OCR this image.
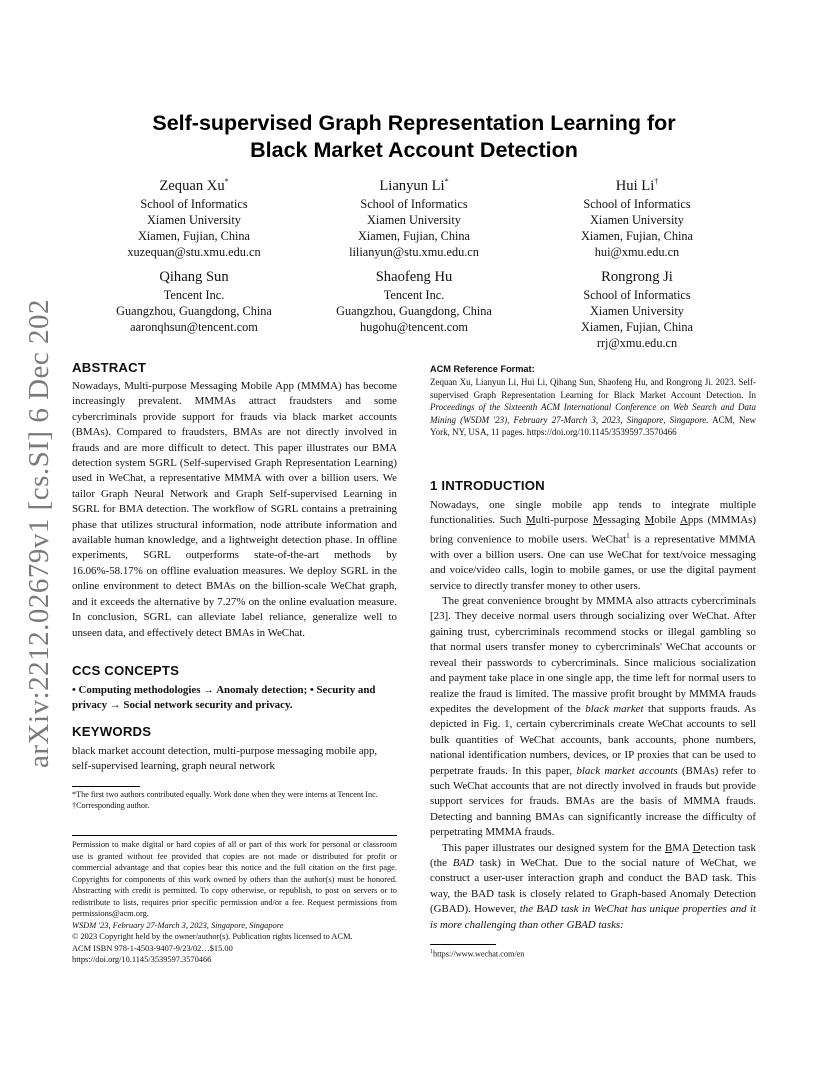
arXiv:2212.02679v1 [cs.SI] 6 Dec 2022
Self-supervised Graph Representation Learning for
Black Market Account Detection
Zequan Xu*
School of Informatics
Xiamen University
Xiamen, Fujian, China
xuzequan@stu.xmu.edu.cn
Lianyun Li*
School of Informatics
Xiamen University
Xiamen, Fujian, China
lilianyun@stu.xmu.edu.cn
Hui Li†
School of Informatics
Xiamen University
Xiamen, Fujian, China
hui@xmu.edu.cn
Qihang Sun
Tencent Inc.
Guangzhou, Guangdong, China
aaronqhsun@tencent.com
Shaofeng Hu
Tencent Inc.
Guangzhou, Guangdong, China
hugohu@tencent.com
Rongrong Ji
School of Informatics
Xiamen University
Xiamen, Fujian, China
rrj@xmu.edu.cn
ABSTRACT

Nowadays, Multi-purpose Messaging Mobile App (MMMA) has become increasingly prevalent. MMMAs attract fraudsters and some cybercriminals provide support for frauds via black market accounts (BMAs). Compared to fraudsters, BMAs are not directly involved in frauds and are more difficult to detect. This paper illustrates our BMA detection system SGRL (Self-supervised Graph Representation Learning) used in WeChat, a representative MMMA with over a billion users. We tailor Graph Neural Network and Graph Self-supervised Learning in SGRL for BMA detection. The workflow of SGRL contains a pretraining phase that utilizes structural information, node attribute information and available human knowledge, and a lightweight detection phase. In offline experiments, SGRL outperforms state-of-the-art methods by 16.06%-58.17% on offline evaluation measures. We deploy SGRL in the online environment to detect BMAs on the billion-scale WeChat graph, and it exceeds the alternative by 7.27% on the online evaluation measure. In conclusion, SGRL can alleviate label reliance, generalize well to unseen data, and effectively detect BMAs in WeChat.

CCS CONCEPTS

• Computing methodologies → Anomaly detection; • Security and privacy → Social network security and privacy.

KEYWORDS

black market account detection, multi-purpose messaging mobile app, self-supervised learning, graph neural network

*The first two authors contributed equally. Work done when they were interns at Tencent Inc.

†Corresponding author.

Permission to make digital or hard copies of all or part of this work for personal or classroom use is granted without fee provided that copies are not made or distributed for profit or commercial advantage and that copies bear this notice and the full citation on the first page. Copyrights for components of this work owned by others than the author(s) must be honored. Abstracting with credit is permitted. To copy otherwise, or republish, to post on servers or to redistribute to lists, requires prior specific permission and/or a fee. Request permissions from permissions@acm.org.

WSDM '23, February 27-March 3, 2023, Singapore, Singapore

© 2023 Copyright held by the owner/author(s). Publication rights licensed to ACM.

ACM ISBN 978-1-4503-9407-9/23/02…$15.00

https://doi.org/10.1145/3539597.3570466

ACM Reference Format:

Zequan Xu, Lianyun Li, Hui Li, Qihang Sun, Shaofeng Hu, and Rongrong Ji. 2023. Self-supervised Graph Representation Learning for Black Market Account Detection. In Proceedings of the Sixteenth ACM International Conference on Web Search and Data Mining (WSDM '23), February 27-March 3, 2023, Singapore, Singapore. ACM, New York, NY, USA, 11 pages. https://doi.org/10.1145/3539597.3570466

1 INTRODUCTION

Nowadays, one single mobile app tends to integrate multiple functionalities. Such Multi-purpose Messaging Mobile Apps (MMMAs) bring convenience to mobile users. WeChat$^1$ is a representative MMMA with over a billion users. One can use WeChat for text/voice messaging and voice/video calls, login to mobile games, or use the digital payment service to directly transfer money to other users.

The great convenience brought by MMMA also attracts cybercriminals [23]. They deceive normal users through socializing over WeChat. After gaining trust, cybercriminals recommend stocks or illegal gambling so that normal users transfer money to cybercriminals' WeChat accounts or reveal their passwords to cybercriminals. Since malicious socialization and payment take place in one single app, the time left for normal users to realize the fraud is limited. The massive profit brought by MMMA frauds expedites the development of the black market that supports frauds. As depicted in Fig. 1, certain cybercriminals create WeChat accounts to sell bulk quantities of WeChat accounts, bank accounts, phone numbers, national identification numbers, devices, or IP proxies that can be used to perpetrate frauds. In this paper, black market accounts (BMAs) refer to such WeChat accounts that are not directly involved in frauds but provide support services for frauds. BMAs are the basis of MMMA frauds. Detecting and banning BMAs can significantly increase the difficulty of perpetrating MMMA frauds.

This paper illustrates our designed system for the BMA Detection task (the BAD task) in WeChat. Due to the social nature of WeChat, we construct a user-user interaction graph and conduct the BAD task. This way, the BAD task is closely related to Graph-based Anomaly Detection (GBAD). However, the BAD task in WeChat has unique properties and it is more challenging than other GBAD tasks:

$^1$https://www.wechat.com/en
